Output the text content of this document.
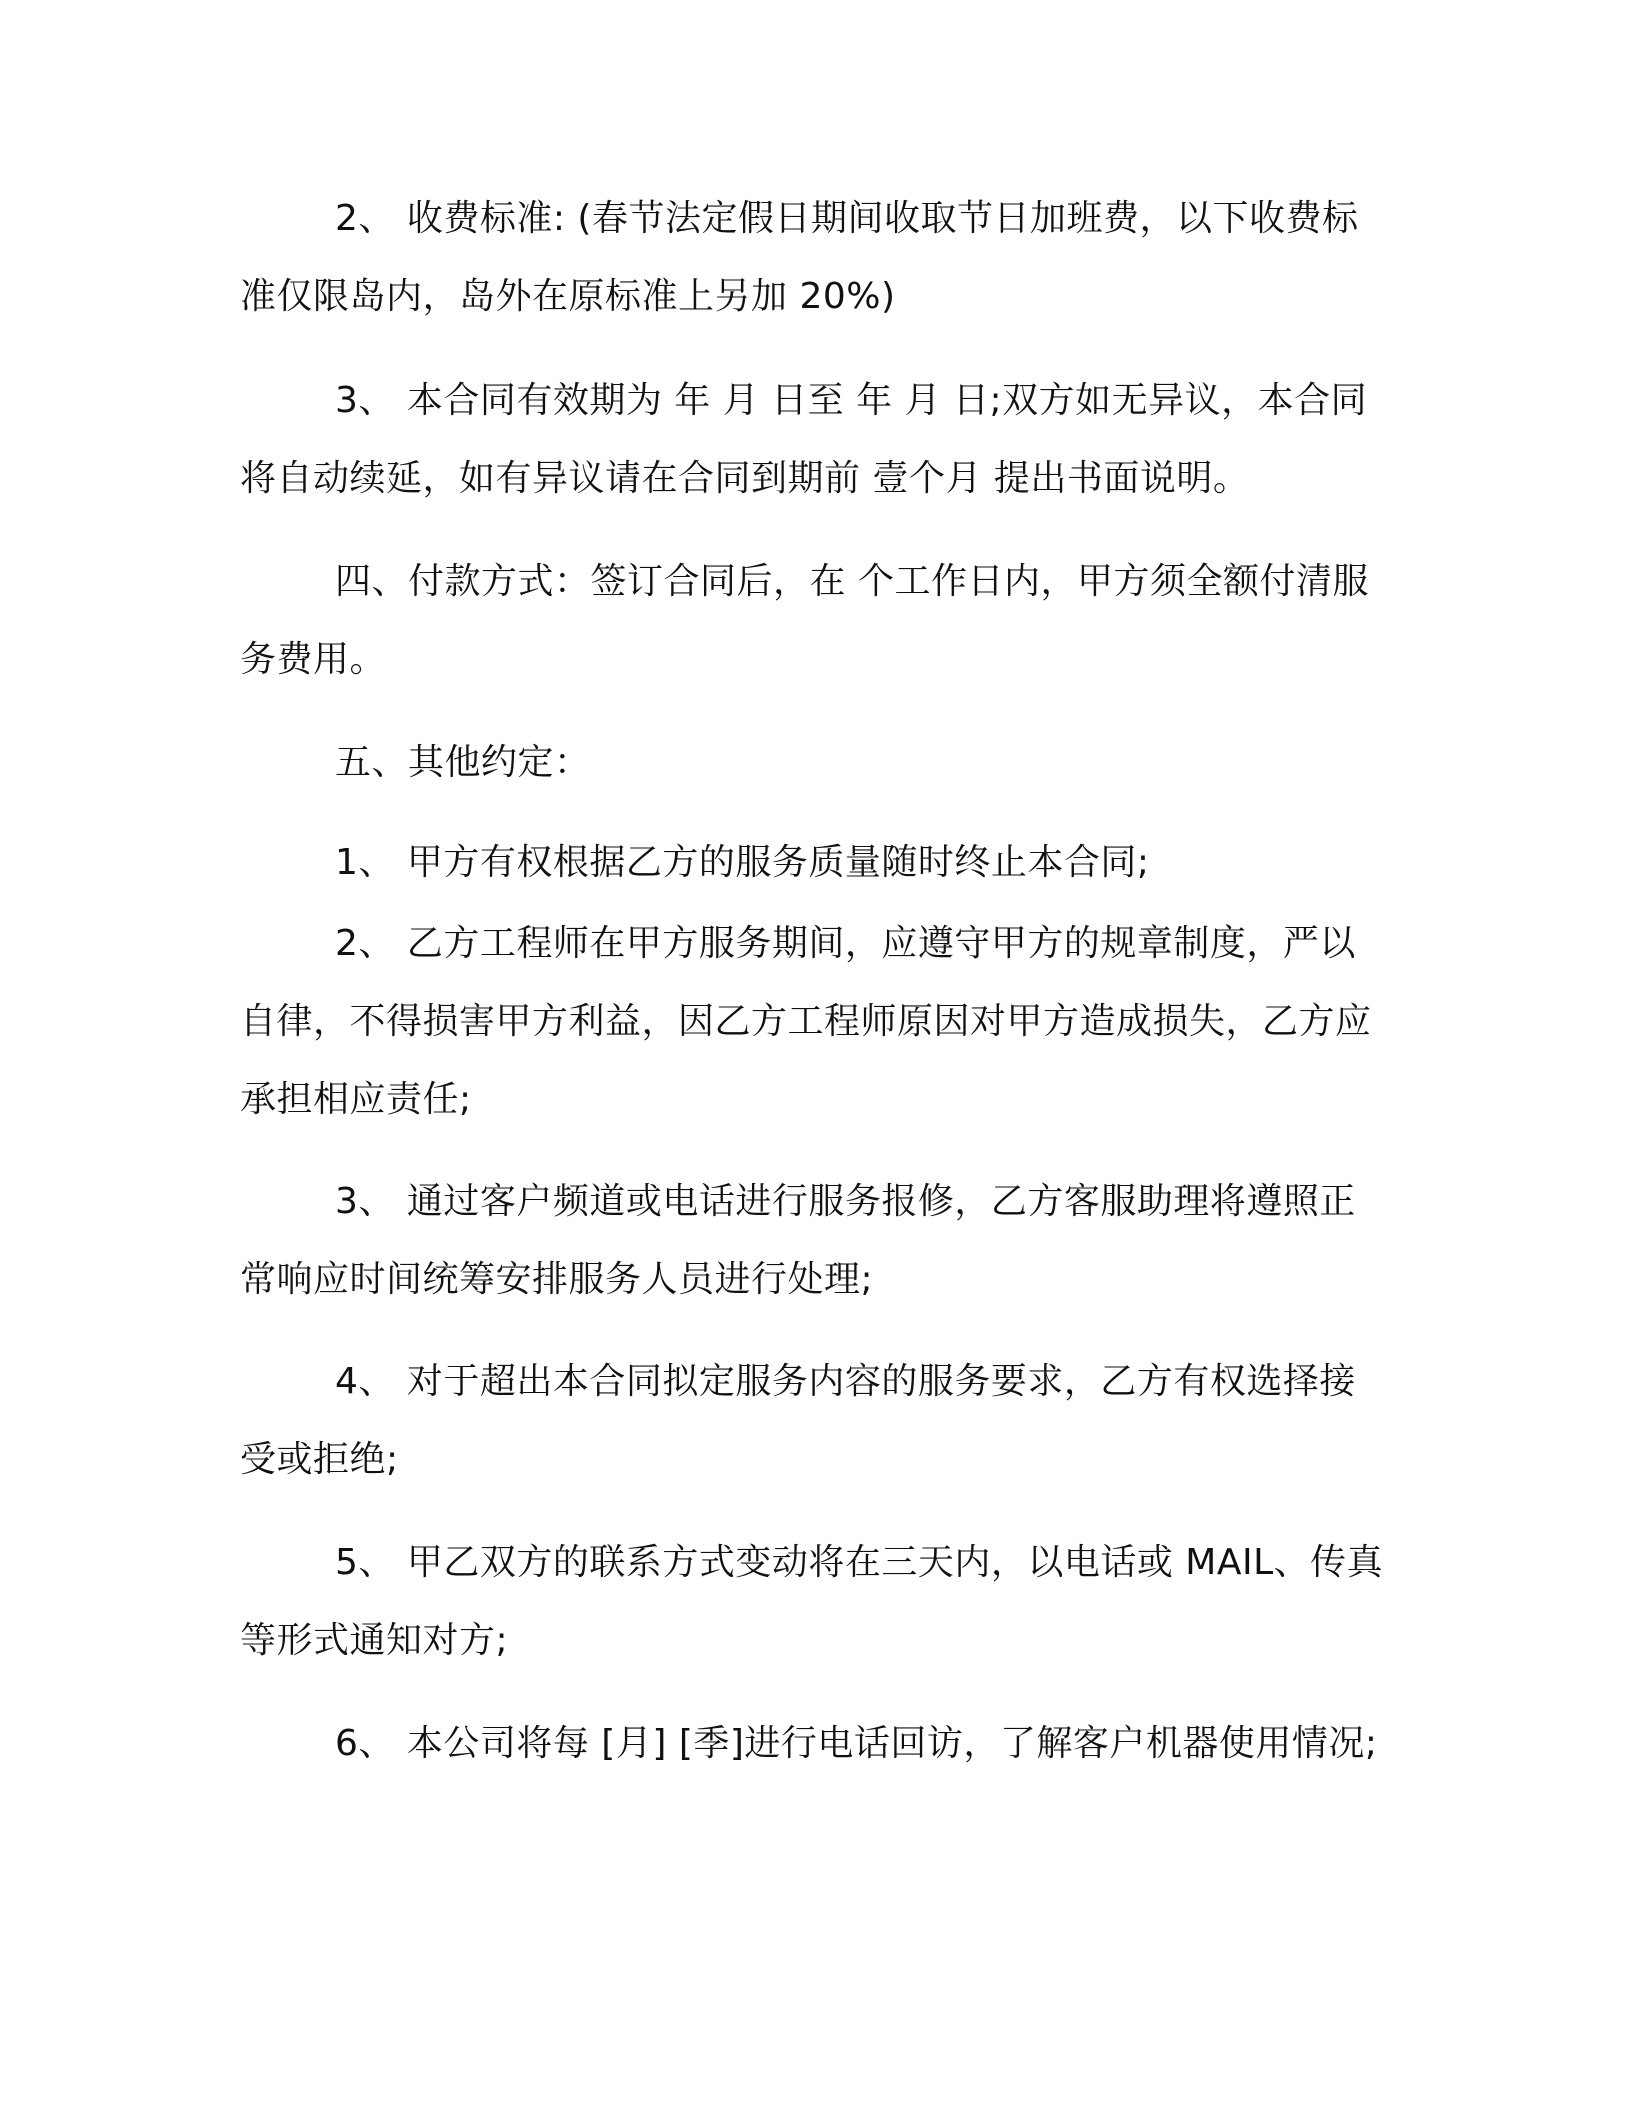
2、 收费标准: (春节法定假日期间收取节日加班费，以下收费标准仅限岛内，岛外在原标准上另加 20%)

3、 本合同有效期为 年 月 日至 年 月 日;双方如无异议，本合同将自动续延，如有异议请在合同到期前 壹个月 提出书面说明。

四、付款方式：签订合同后，在 个工作日内，甲方须全额付清服务费用。

五、其他约定：

1、 甲方有权根据乙方的服务质量随时终止本合同;

2、 乙方工程师在甲方服务期间，应遵守甲方的规章制度，严以自律，不得损害甲方利益，因乙方工程师原因对甲方造成损失，乙方应承担相应责任;

3、 通过客户频道或电话进行服务报修，乙方客服助理将遵照正常响应时间统筹安排服务人员进行处理;

4、 对于超出本合同拟定服务内容的服务要求，乙方有权选择接受或拒绝;

5、 甲乙双方的联系方式变动将在三天内，以电话或 MAIL、传真等形式通知对方;

6、 本公司将每 [月] [季]进行电话回访，了解客户机器使用情况;
